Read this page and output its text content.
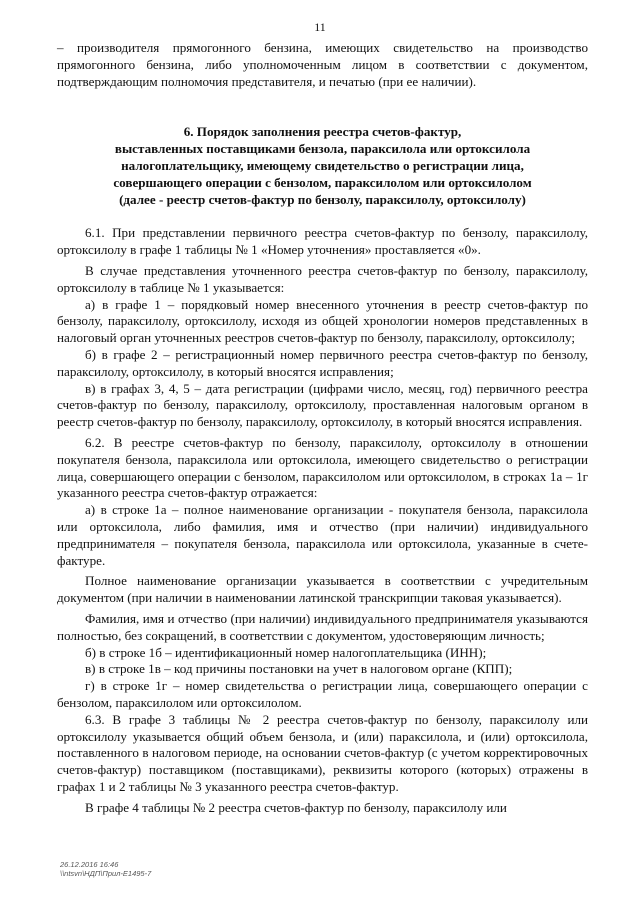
11

– производителя прямогонного бензина, имеющих свидетельство на производство прямогонного бензина, либо уполномоченным лицом в соответствии с документом, подтверждающим полномочия представителя, и печатью (при ее наличии).

6. Порядок заполнения реестра счетов-фактур,
выставленных поставщиками бензола, параксилола или ортоксилола
налогоплательщику, имеющему свидетельство о регистрации лица,
совершающего операции с бензолом, параксилолом или ортоксилолом
(далее - реестр счетов-фактур по бензолу, параксилолу, ортоксилолу)

6.1. При представлении первичного реестра счетов-фактур по бензолу, параксилолу, ортоксилолу в графе 1 таблицы № 1 «Номер уточнения» проставляется «0».

В случае представления уточненного реестра счетов-фактур по бензолу, параксилолу, ортоксилолу в таблице № 1 указывается:

а) в графе 1 – порядковый номер внесенного уточнения в реестр счетов-фактур по бензолу, параксилолу, ортоксилолу, исходя из общей хронологии номеров представленных в налоговый орган уточненных реестров счетов-фактур по бензолу, параксилолу, ортоксилолу;

б) в графе 2 – регистрационный номер первичного реестра счетов-фактур по бензолу, параксилолу, ортоксилолу, в который вносятся исправления;

в) в графах 3, 4, 5 – дата регистрации (цифрами число, месяц, год) первичного реестра счетов-фактур по бензолу, параксилолу, ортоксилолу, проставленная налоговым органом в реестр счетов-фактур по бензолу, параксилолу, ортоксилолу, в который вносятся исправления.

6.2. В реестре счетов-фактур по бензолу, параксилолу, ортоксилолу в отношении покупателя бензола, параксилола или ортоксилола, имеющего свидетельство о регистрации лица, совершающего операции с бензолом, параксилолом или ортоксилолом, в строках 1а – 1г указанного реестра счетов-фактур отражается:

а) в строке 1а – полное наименование организации - покупателя бензола, параксилола или ортоксилола, либо фамилия, имя и отчество (при наличии) индивидуального предпринимателя – покупателя бензола, параксилола или ортоксилола, указанные в счете-фактуре.

Полное наименование организации указывается в соответствии с учредительным документом (при наличии в наименовании латинской транскрипции таковая указывается).

Фамилия, имя и отчество (при наличии) индивидуального предпринимателя указываются полностью, без сокращений, в соответствии с документом, удостоверяющим личность;

б) в строке 1б – идентификационный номер налогоплательщика (ИНН);

в) в строке 1в – код причины постановки на учет в налоговом органе (КПП);

г) в строке 1г – номер свидетельства о регистрации лица, совершающего операции с бензолом, параксилолом или ортоксилолом.

6.3. В графе 3 таблицы № 2 реестра счетов-фактур по бензолу, параксилолу или ортоксилолу указывается общий объем бензола, и (или) параксилола, и (или) ортоксилола, поставленного в налоговом периоде, на основании счетов-фактур (с учетом корректировочных счетов-фактур) поставщиком (поставщиками), реквизиты которого (которых) отражены в графах 1 и 2 таблицы № 3 указанного реестра счетов-фактур.

В графе 4 таблицы № 2 реестра счетов-фактур по бензолу, параксилолу или

26.12.2016 16:46
\\ntsvn\НДП\Прил-Е1495-7
